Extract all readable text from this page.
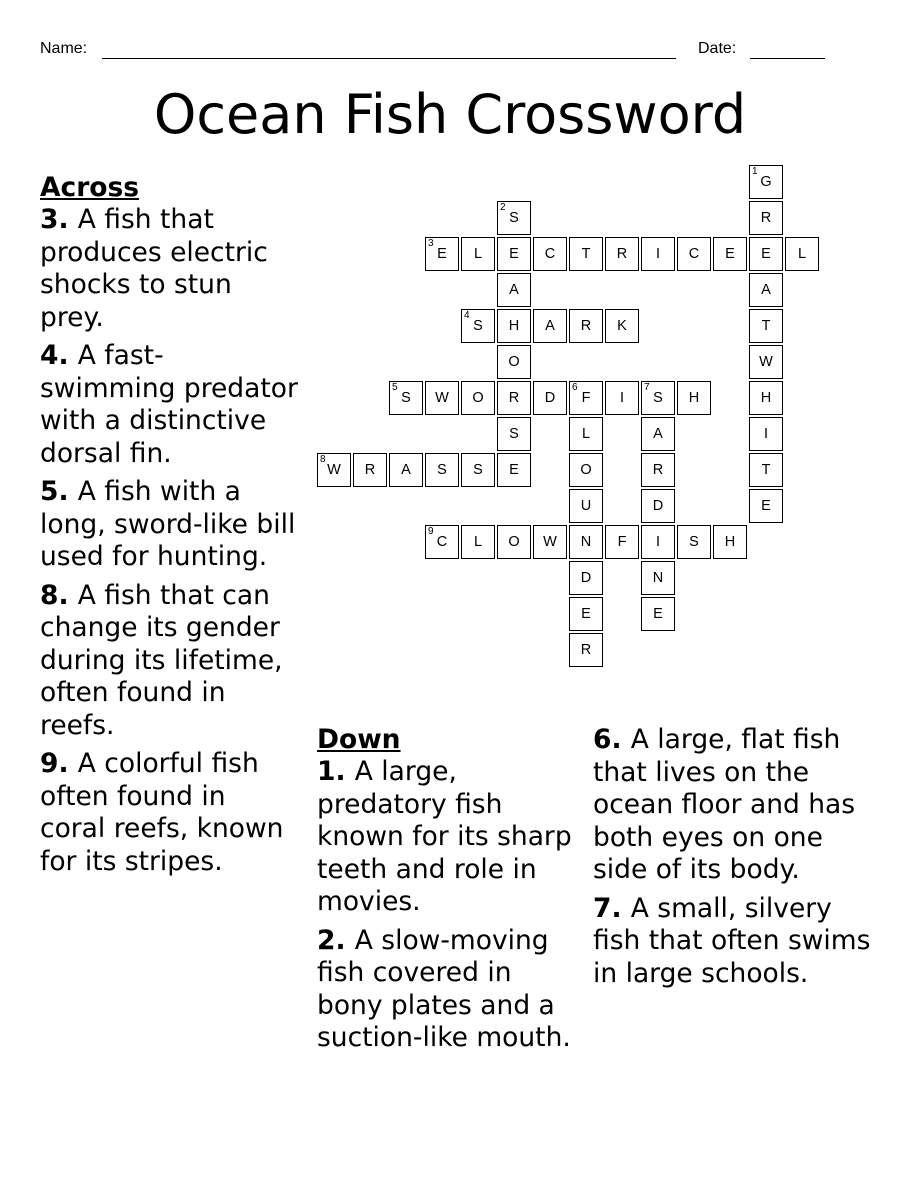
Name:	Date:
Ocean Fish Crossword
1
G
R
E
A
T
W
H
I
T
E
2
S
E
A
H
O
R
S
E
3
E	L	C	T	R	I	C	E	L
4
S	A	R	K
5
S	W	O	D
6
F	I
7
S	H
L
O
U
N
D
E
R
A
R
D
I
N
E
8
W	R	A	S	S
9
C	L	O	W	F	S	H

Across

3. A fish that produces electric shocks to stun prey.

4. A fast-swimming predator with a distinctive dorsal fin.

5. A fish with a long, sword-like bill used for hunting.

8. A fish that can change its gender during its lifetime, often found in reefs.

9. A colorful fish often found in coral reefs, known for its stripes.

Down

1. A large, predatory fish known for its sharp teeth and role in movies.

2. A slow-moving fish covered in bony plates and a suction-like mouth.

6. A large, flat fish that lives on the ocean floor and has both eyes on one side of its body.

7. A small, silvery fish that often swims in large schools.
